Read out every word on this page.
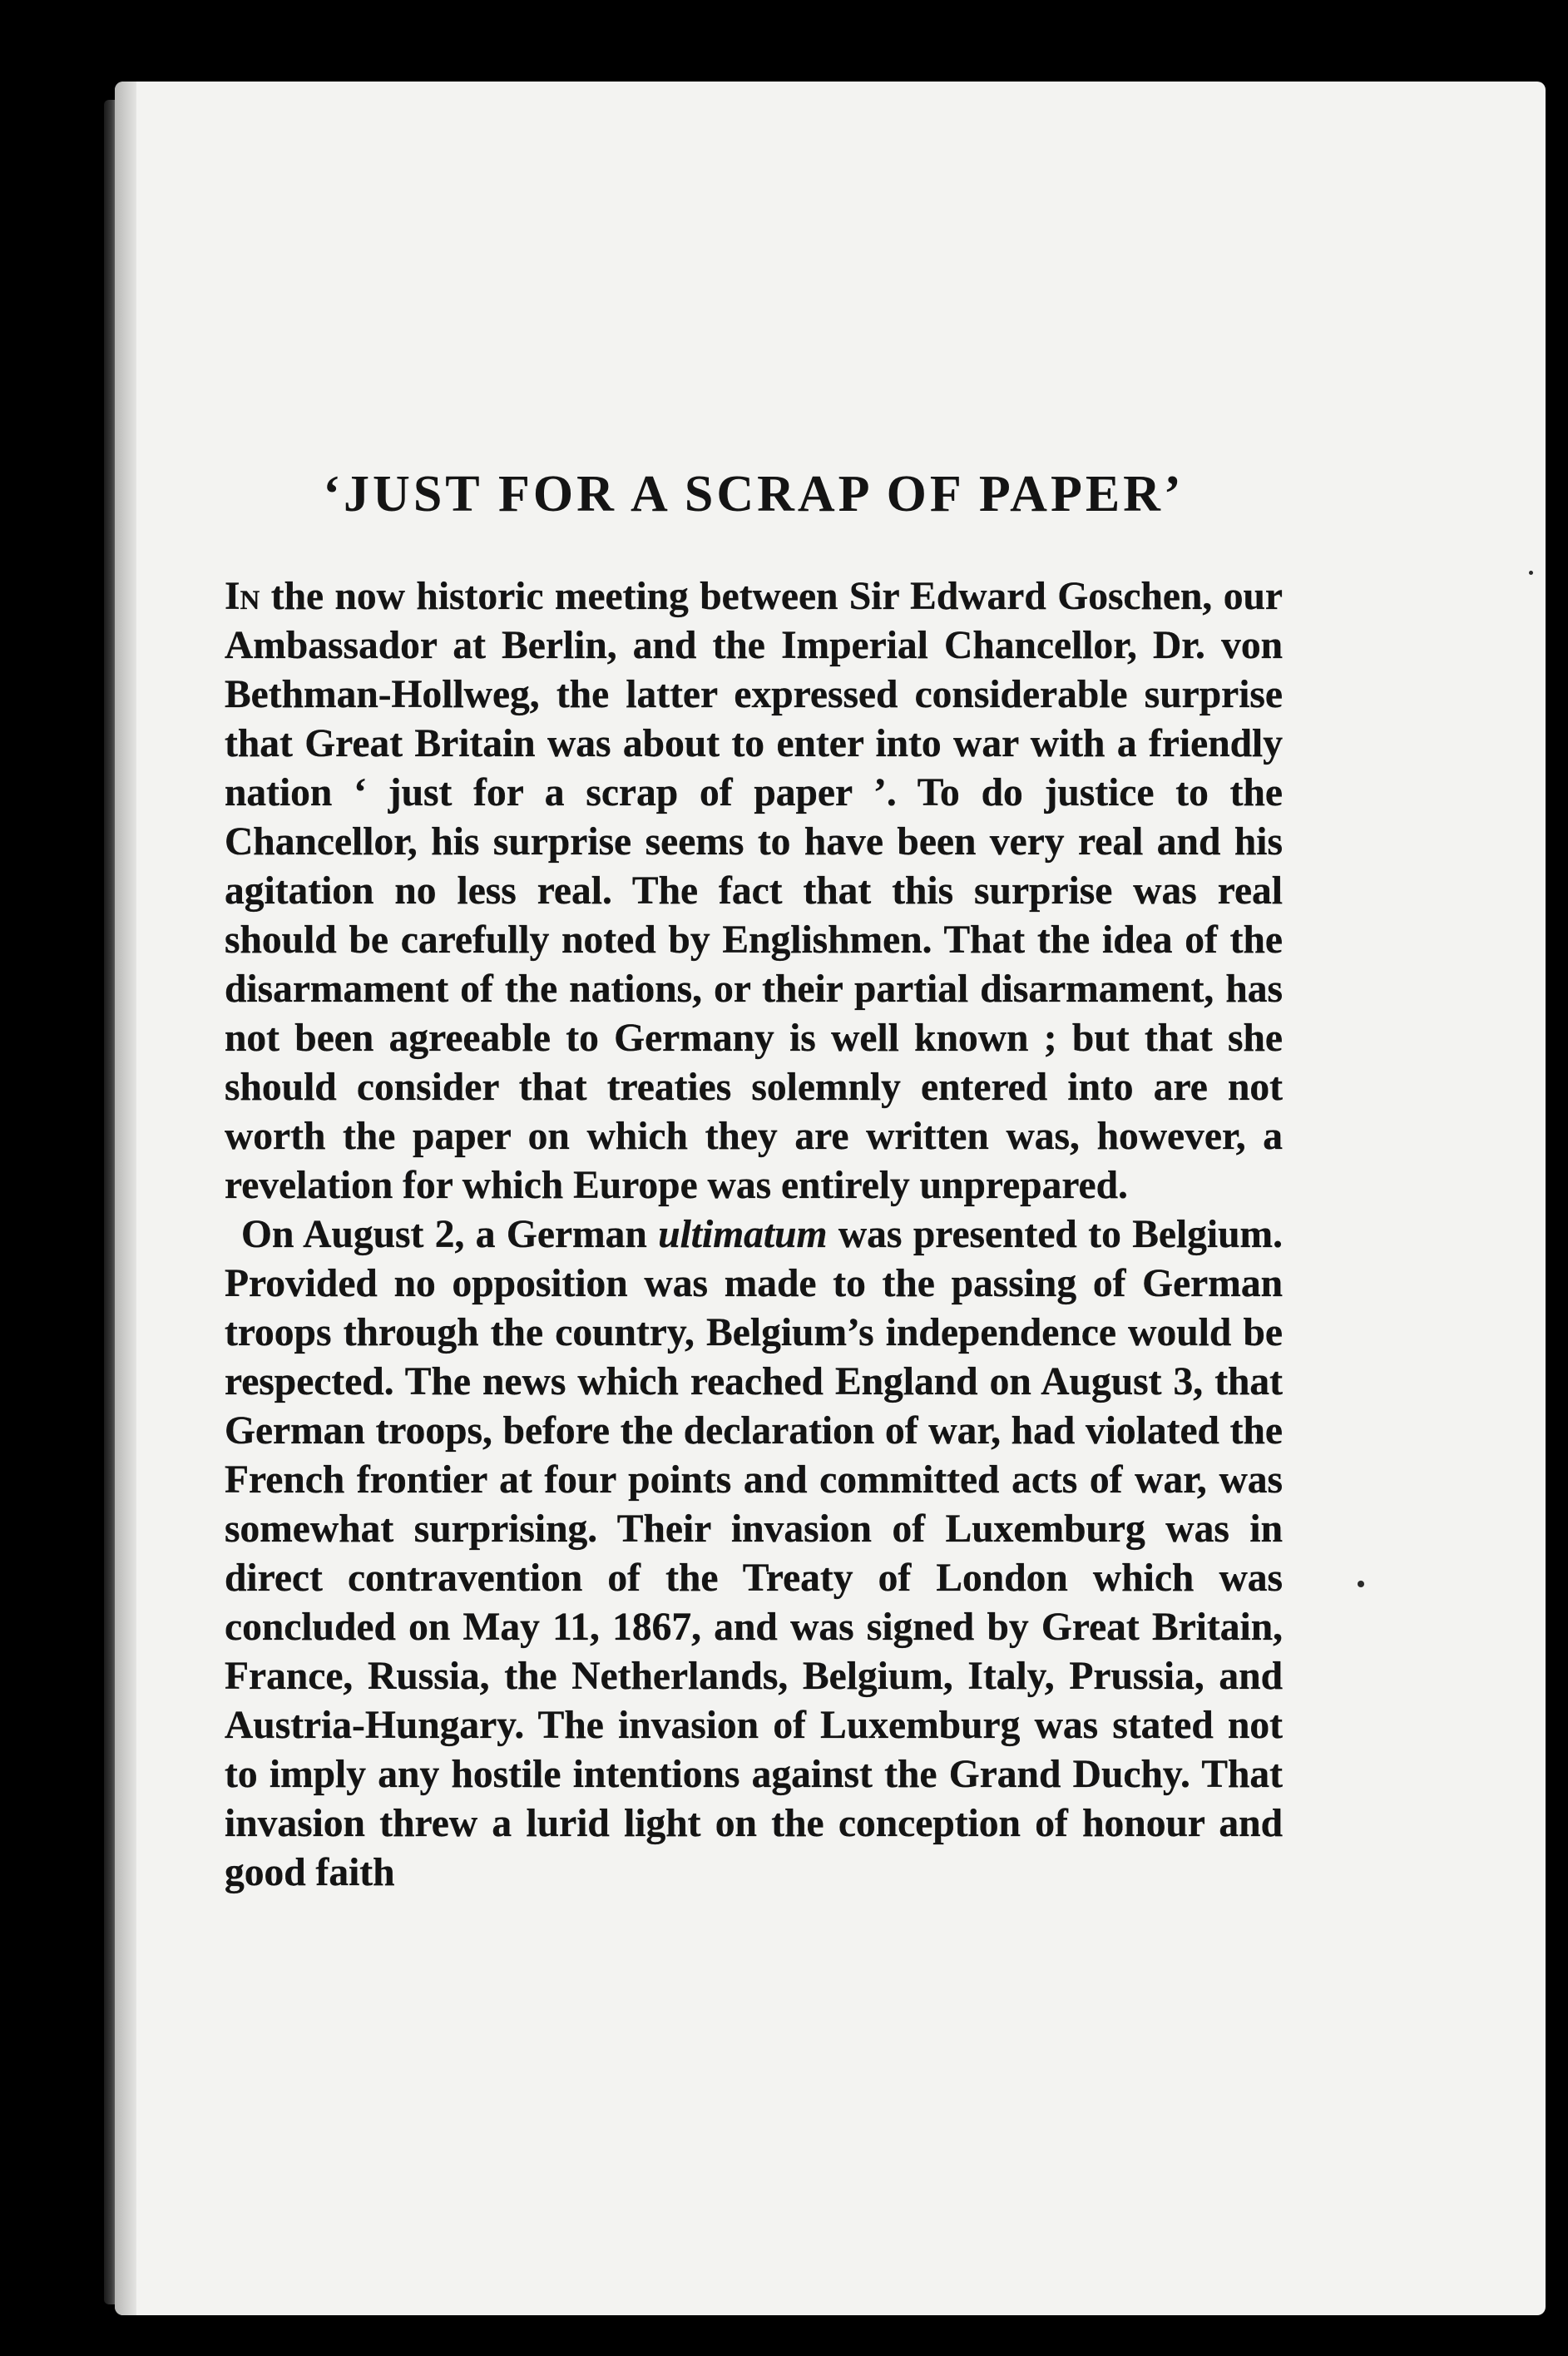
‘JUST FOR A SCRAP OF PAPER’

In the now historic meeting between Sir Edward Goschen, our Ambassador at Berlin, and the Imperial Chancellor, Dr. von Bethman-Hollweg, the latter expressed considerable surprise that Great Britain was about to enter into war with a friendly nation ‘ just for a scrap of paper ’. To do justice to the Chancellor, his surprise seems to have been very real and his agitation no less real. The fact that this surprise was real should be carefully noted by Englishmen. That the idea of the disarmament of the nations, or their partial disarmament, has not been agreeable to Germany is well known ; but that she should consider that treaties solemnly entered into are not worth the paper on which they are written was, however, a revelation for which Europe was entirely unprepared.

On August 2, a German ultimatum was presented to Belgium. Provided no opposition was made to the passing of German troops through the country, Belgium’s independence would be respected. The news which reached England on August 3, that German troops, before the declaration of war, had violated the French frontier at four points and committed acts of war, was somewhat surprising. Their invasion of Luxemburg was in direct contravention of the Treaty of London which was concluded on May 11, 1867, and was signed by Great Britain, France, Russia, the Netherlands, Belgium, Italy, Prussia, and Austria-Hungary. The invasion of Luxemburg was stated not to imply any hostile intentions against the Grand Duchy. That invasion threw a lurid light on the conception of honour and good faith
